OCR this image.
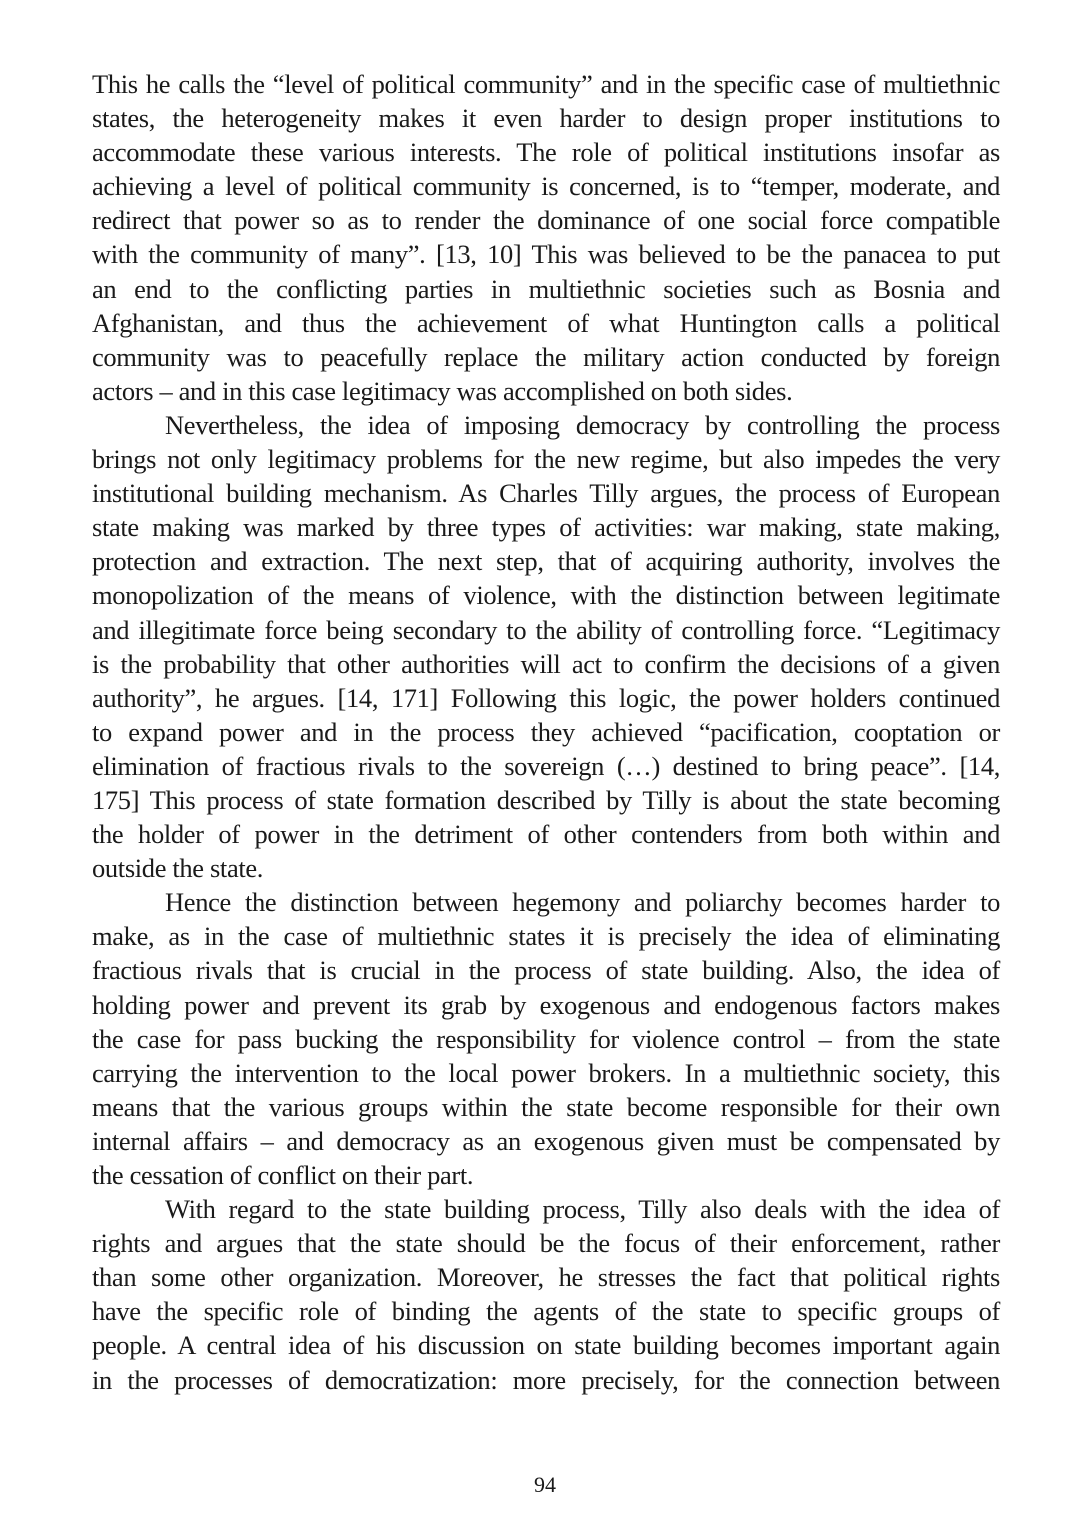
This he calls the “level of political community” and in the specific case of multiethnic
states, the heterogeneity makes it even harder to design proper institutions to
accommodate these various interests. The role of political institutions insofar as
achieving a level of political community is concerned, is to “temper, moderate, and
redirect that power so as to render the dominance of one social force compatible
with the community of many”. [13, 10] This was believed to be the panacea to put
an end to the conflicting parties in multiethnic societies such as Bosnia and
Afghanistan, and thus the achievement of what Huntington calls a political
community was to peacefully replace the military action conducted by foreign
actors – and in this case legitimacy was accomplished on both sides.
Nevertheless, the idea of imposing democracy by controlling the process
brings not only legitimacy problems for the new regime, but also impedes the very
institutional building mechanism. As Charles Tilly argues, the process of European
state making was marked by three types of activities: war making, state making,
protection and extraction. The next step, that of acquiring authority, involves the
monopolization of the means of violence, with the distinction between legitimate
and illegitimate force being secondary to the ability of controlling force. “Legitimacy
is the probability that other authorities will act to confirm the decisions of a given
authority”, he argues. [14, 171] Following this logic, the power holders continued
to expand power and in the process they achieved “pacification, cooptation or
elimination of fractious rivals to the sovereign (…) destined to bring peace”. [14,
175] This process of state formation described by Tilly is about the state becoming
the holder of power in the detriment of other contenders from both within and
outside the state.
Hence the distinction between hegemony and poliarchy becomes harder to
make, as in the case of multiethnic states it is precisely the idea of eliminating
fractious rivals that is crucial in the process of state building. Also, the idea of
holding power and prevent its grab by exogenous and endogenous factors makes
the case for pass bucking the responsibility for violence control – from the state
carrying the intervention to the local power brokers. In a multiethnic society, this
means that the various groups within the state become responsible for their own
internal affairs – and democracy as an exogenous given must be compensated by
the cessation of conflict on their part.
With regard to the state building process, Tilly also deals with the idea of
rights and argues that the state should be the focus of their enforcement, rather
than some other organization. Moreover, he stresses the fact that political rights
have the specific role of binding the agents of the state to specific groups of
people. A central idea of his discussion on state building becomes important again
in the processes of democratization: more precisely, for the connection between
94
